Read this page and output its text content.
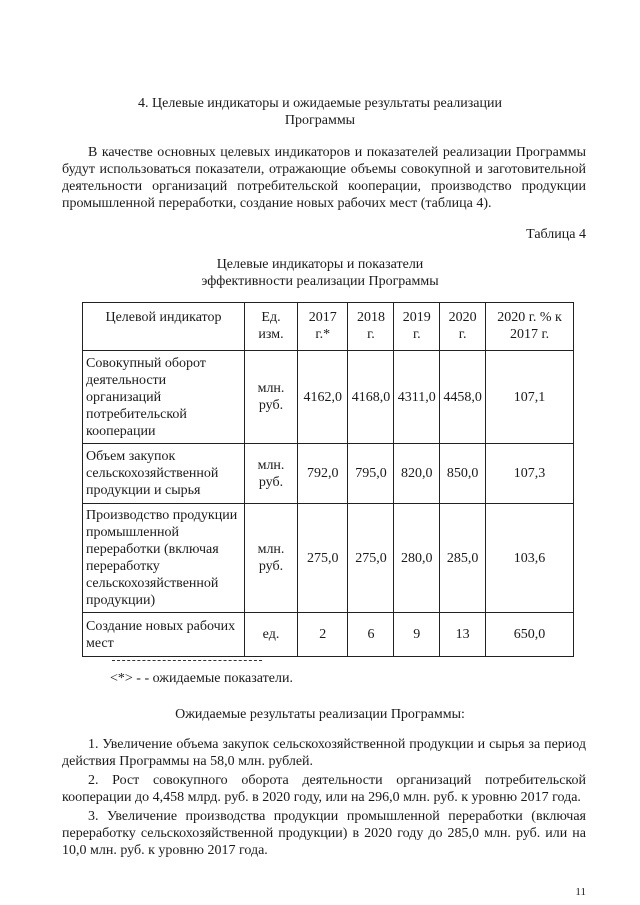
4. Целевые индикаторы и ожидаемые результаты реализации
Программы
В качестве основных целевых индикаторов и показателей реализации Программы будут использоваться показатели, отражающие объемы совокупной и заготовительной деятельности организаций потребительской кооперации, производство продукции промышленной переработки, создание новых рабочих мест (таблица 4).
Таблица 4
Целевые индикаторы и показатели
эффективности реализации Программы
Целевой индикатор	Ед. изм.	2017 г.*	2018 г.	2019 г.	2020 г.	2020 г. % к 2017 г.
Совокупный оборот деятельности организаций потребительской кооперации	млн. руб.	4162,0	4168,0	4311,0	4458,0	107,1
Объем закупок сельскохозяйственной продукции и сырья	млн. руб.	792,0	795,0	820,0	850,0	107,3
Производство продукции промышленной переработки (включая переработку сельскохозяйственной продукции)	млн. руб.	275,0	275,0	280,0	285,0	103,6
Создание новых рабочих мест	ед.	2	6	9	13	650,0
<*> - - ожидаемые показатели.
Ожидаемые результаты реализации Программы:
1. Увеличение объема закупок сельскохозяйственной продукции и сырья за период действия Программы на 58,0 млн. рублей.
2. Рост совокупного оборота деятельности организаций потребительской кооперации до 4,458 млрд. руб. в 2020 году, или на 296,0 млн. руб. к уровню 2017 года.
3. Увеличение производства продукции промышленной переработки (включая переработку сельскохозяйственной продукции) в 2020 году до 285,0 млн. руб. или на 10,0 млн. руб. к уровню 2017 года.
11
